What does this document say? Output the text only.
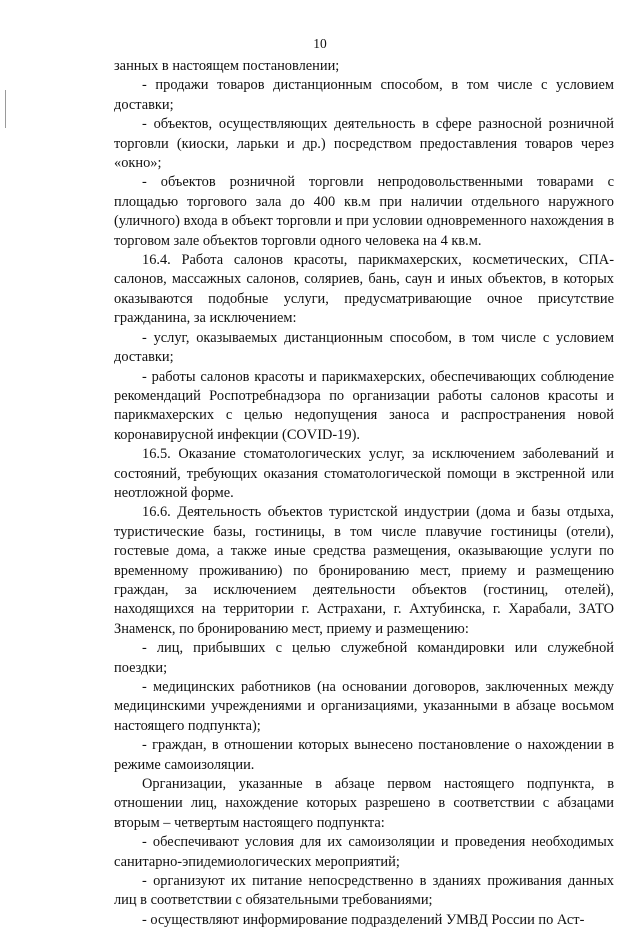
10

занных в настоящем постановлении;

- продажи товаров дистанционным способом, в том числе с условием доставки;

- объектов, осуществляющих деятельность в сфере разносной розничной торговли (киоски, ларьки и др.) посредством предоставления товаров через «окно»;

- объектов розничной торговли непродовольственными товарами с площадью торгового зала до 400 кв.м при наличии отдельного наружного (уличного) входа в объект торговли и при условии одновременного нахождения в торговом зале объектов торговли одного человека на 4 кв.м.

16.4. Работа салонов красоты, парикмахерских, косметических, СПА-салонов, массажных салонов, соляриев, бань, саун и иных объектов, в которых оказываются подобные услуги, предусматривающие очное присутствие гражданина, за исключением:

- услуг, оказываемых дистанционным способом, в том числе с условием доставки;

- работы салонов красоты и парикмахерских, обеспечивающих соблюдение рекомендаций Роспотребнадзора по организации работы салонов красоты и парикмахерских с целью недопущения заноса и распространения новой коронавирусной инфекции (COVID-19).

16.5. Оказание стоматологических услуг, за исключением заболеваний и состояний, требующих оказания стоматологической помощи в экстренной или неотложной форме.

16.6. Деятельность объектов туристской индустрии (дома и базы отдыха, туристические базы, гостиницы, в том числе плавучие гостиницы (отели), гостевые дома, а также иные средства размещения, оказывающие услуги по временному проживанию) по бронированию мест, приему и размещению граждан, за исключением деятельности объектов (гостиниц, отелей), находящихся на территории г. Астрахани, г. Ахтубинска, г. Харабали, ЗАТО Знаменск, по бронированию мест, приему и размещению:

- лиц, прибывших с целью служебной командировки или служебной поездки;

- медицинских работников (на основании договоров, заключенных между медицинскими учреждениями и организациями, указанными в абзаце восьмом настоящего подпункта);

- граждан, в отношении которых вынесено постановление о нахождении в режиме самоизоляции.

Организации, указанные в абзаце первом настоящего подпункта, в отношении лиц, нахождение которых разрешено в соответствии с абзацами вторым – четвертым настоящего подпункта:

- обеспечивают условия для их самоизоляции и проведения необходимых санитарно-эпидемиологических мероприятий;

- организуют их питание непосредственно в зданиях проживания данных лиц в соответствии с обязательными требованиями;

- осуществляют информирование подразделений УМВД России по Аст-
